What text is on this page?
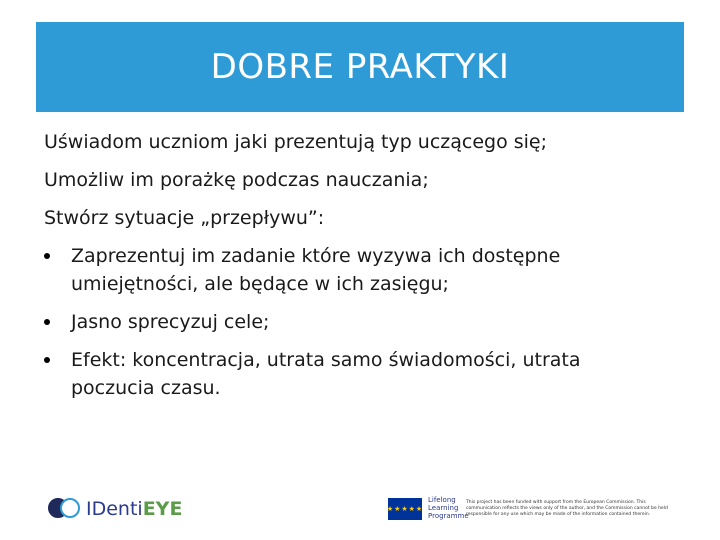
DOBRE PRAKTYKI
Uświadom uczniom jaki prezentują typ uczącego się;
Umożliw im porażkę podczas nauczania;
Stwórz sytuacje „przepływu”:
Zaprezentuj im zadanie które wyzywa ich dostępne umiejętności, ale będące w ich zasięgu;
Jasno sprecyzuj cele;
Efekt: koncentracja, utrata samo świadomości, utrata poczucia czasu.
IDentiEYE	★★★★★
Lifelong Learning Programme
This project has been funded with support from the European Commission. This communication reflects the views only of the author, and the Commission cannot be held responsible for any use which may be made of the information contained therein.
